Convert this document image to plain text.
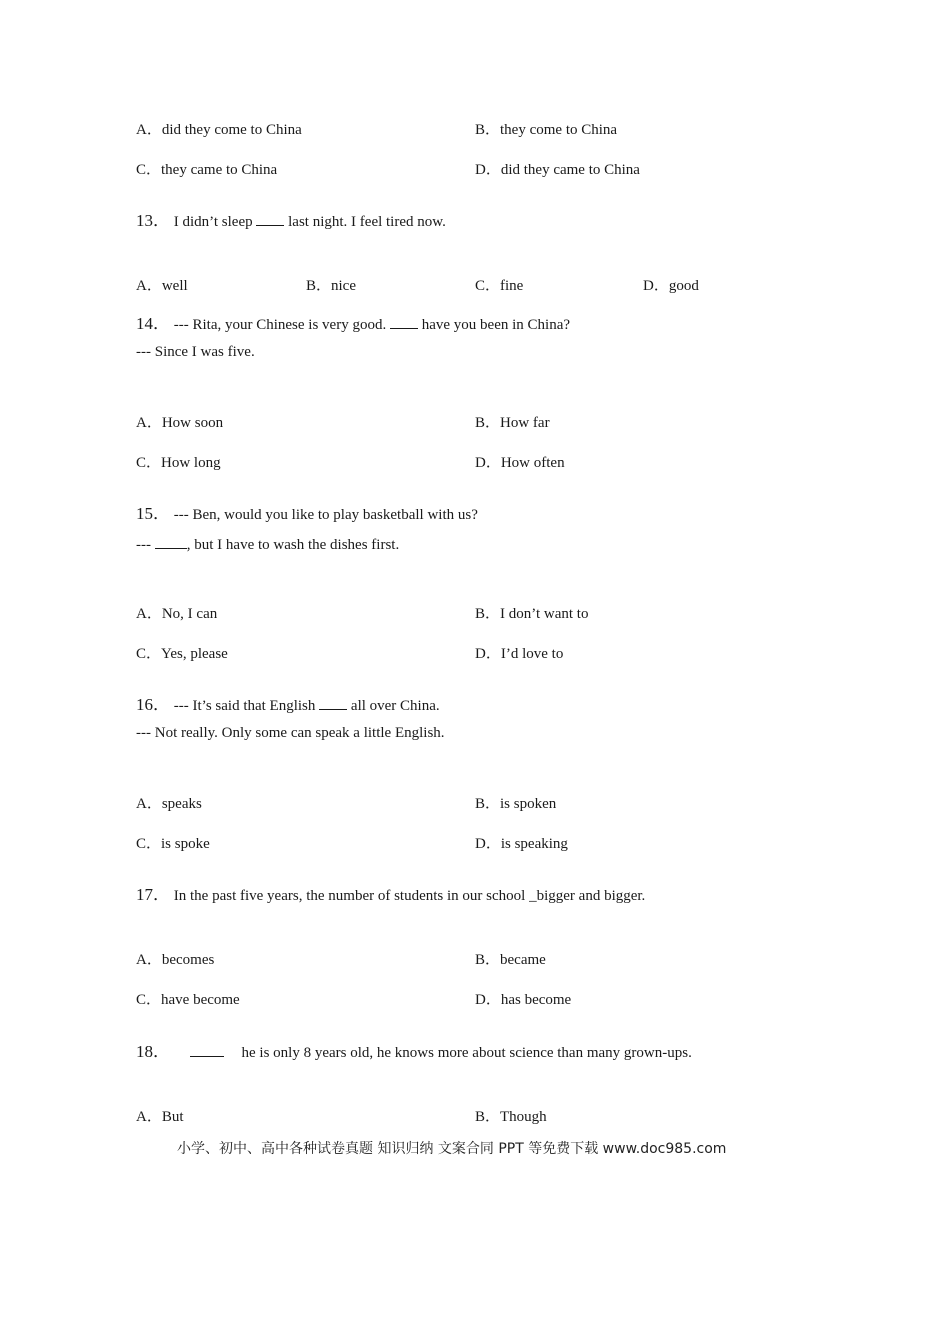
A．did they come to China	B．they come to China
C．they came to China	D．did they came to China
13． I didn’t sleep last night. I feel tired now.
A．well	B．nice	C．fine	D．good
14． --- Rita, your Chinese is very good. have you been in China?
--- Since I was five.
A．How soon	B．How far
C．How long	D．How often
15． --- Ben, would you like to play basketball with us?
--- , but I have to wash the dishes first.
A．No, I can	B．I don’t want to
C．Yes, please	D．I’d love to
16． --- It’s said that English all over China.
--- Not really. Only some can speak a little English.
A．speaks	B．is spoken
C．is spoke	D．is speaking
17． In the past five years, the number of students in our school _bigger and bigger.
A．becomes	B．became
C．have become	D．has become
18．	he is only 8 years old, he knows more about science than many grown-ups.
A．But	B．Though
小学、初中、高中各种试卷真题 知识归纳 文案合同 PPT 等免费下载 www.doc985.com
